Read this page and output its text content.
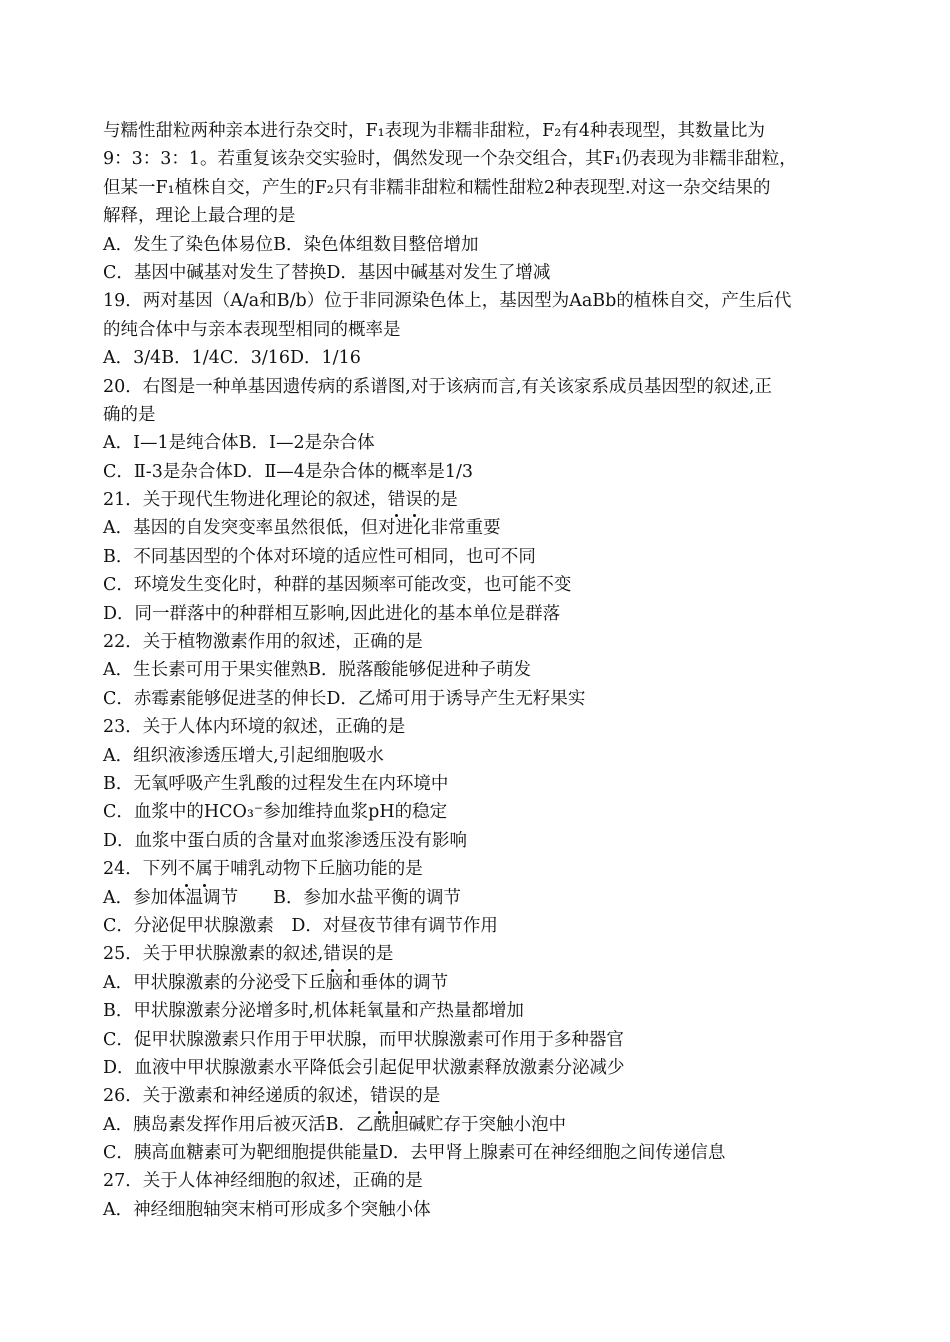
与糯性甜粒两种亲本进行杂交时，F₁表现为非糯非甜粒，F₂有4种表现型，其数量比为
9：3：3：1。若重复该杂交实验时，偶然发现一个杂交组合，其F₁仍表现为非糯非甜粒，
但某一F₁植株自交，产生的F₂只有非糯非甜粒和糯性甜粒2种表现型.对这一杂交结果的
解释，理论上最合理的是
A．发生了染色体易位B．染色体组数目整倍增加
C．基因中碱基对发生了替换D．基因中碱基对发生了增减
19．两对基因（A/a和B/b）位于非同源染色体上，基因型为AaBb的植株自交，产生后代
的纯合体中与亲本表现型相同的概率是
A．3/4B．1/4C．3/16D．1/16
20．右图是一种单基因遗传病的系谱图,对于该病而言,有关该家系成员基因型的叙述,正
确的是
A．Ⅰ—1是纯合体B．Ⅰ—2是杂合体
C．Ⅱ-3是杂合体D．Ⅱ—4是杂合体的概率是1/3
21．关于现代生物进化理论的叙述，错误的是
A．基因的自发突变率虽然很低，但对进化非常重要
B．不同基因型的个体对环境的适应性可相同，也可不同
C．环境发生变化时，种群的基因频率可能改变，也可能不变
D．同一群落中的种群相互影响,因此进化的基本单位是群落
22．关于植物激素作用的叙述，正确的是
A．生长素可用于果实催熟B．脱落酸能够促进种子萌发
C．赤霉素能够促进茎的伸长D．乙烯可用于诱导产生无籽果实
23．关于人体内环境的叙述，正确的是
A．组织液渗透压增大,引起细胞吸水
B．无氧呼吸产生乳酸的过程发生在内环境中
C．血浆中的HCO₃⁻参加维持血浆pH的稳定
D．血浆中蛋白质的含量对血浆渗透压没有影响
24．下列不属于哺乳动物下丘脑功能的是
A．参加体温调节　　B．参加水盐平衡的调节
C．分泌促甲状腺激素　D．对昼夜节律有调节作用
25．关于甲状腺激素的叙述,错误的是
A．甲状腺激素的分泌受下丘脑和垂体的调节
B．甲状腺激素分泌增多时,机体耗氧量和产热量都增加
C．促甲状腺激素只作用于甲状腺，而甲状腺激素可作用于多种器官
D．血液中甲状腺激素水平降低会引起促甲状激素释放激素分泌减少
26．关于激素和神经递质的叙述，错误的是
A．胰岛素发挥作用后被灭活B．乙酰胆碱贮存于突触小泡中
C．胰高血糖素可为靶细胞提供能量D．去甲肾上腺素可在神经细胞之间传递信息
27．关于人体神经细胞的叙述，正确的是
A．神经细胞轴突末梢可形成多个突触小体
